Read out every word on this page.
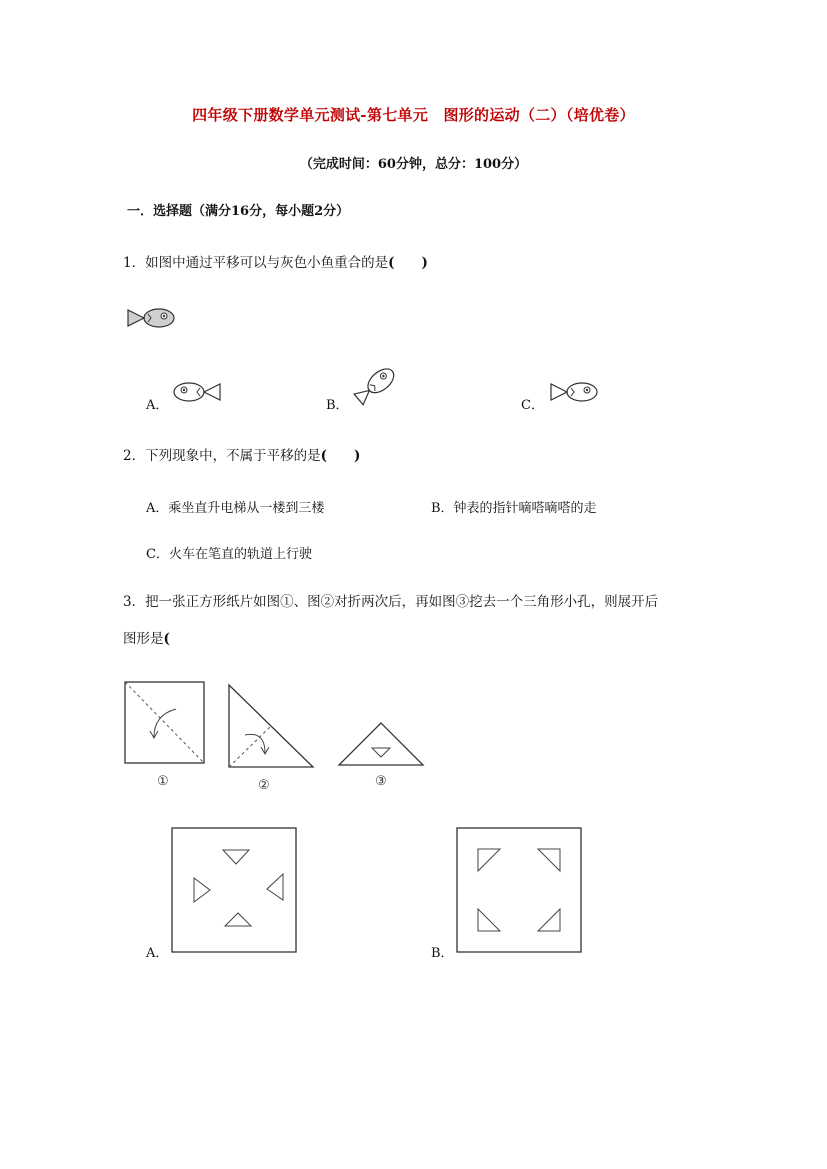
四年级下册数学单元测试-第七单元　图形的运动（二）（培优卷）
（完成时间：60分钟，总分：100分）
一．选择题（满分16分，每小题2分）
1．如图中通过平移可以与灰色小鱼重合的是(　　)
A．	B．	C．
2．下列现象中，不属于平移的是(　　)
A．乘坐直升电梯从一楼到三楼	B．钟表的指针嘀嗒嘀嗒的走
C．火车在笔直的轨道上行驶
3．把一张正方形纸片如图①、图②对折两次后，再如图③挖去一个三角形小孔，则展开后
图形是(
①	②	③
A．	B．
